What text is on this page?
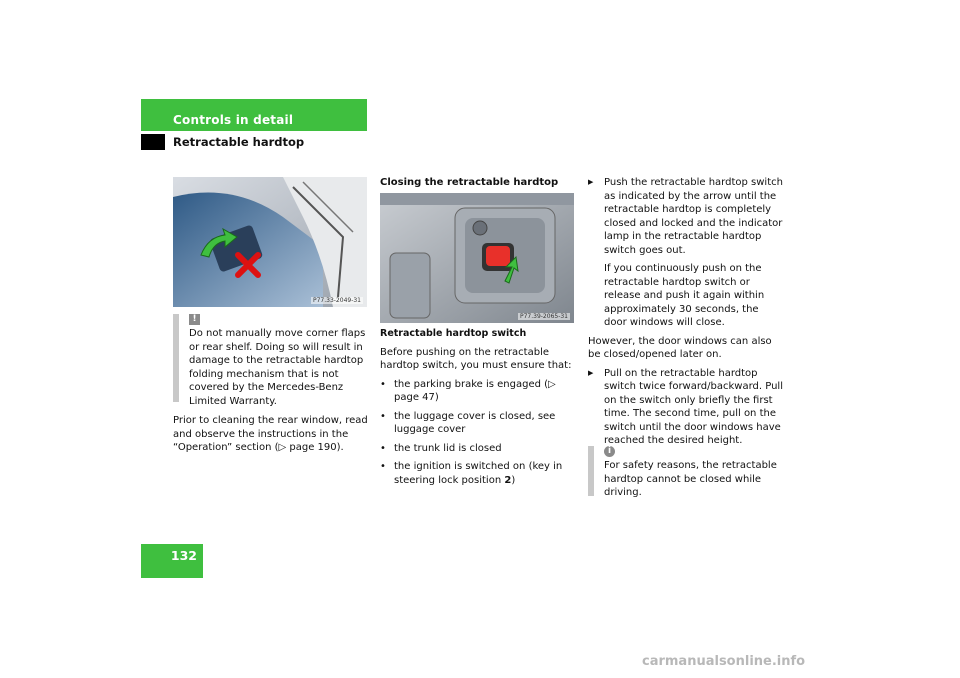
Controls in detail
Retractable hardtop
P77.33-2049-31
!
Do not manually move corner flaps or rear shelf. Doing so will result in damage to the retractable hardtop folding mechanism that is not covered by the Mercedes-Benz Limited Warranty.
Prior to cleaning the rear window, read and observe the instructions in the “Operation” section (▷ page 190).
Closing the retractable hardtop
P77.39-2065-31

Retractable hardtop switch

Before pushing on the retractable hardtop switch, you must ensure that:

• the parking brake is engaged (▷ page 47)
• the luggage cover is closed, see luggage cover
• the trunk lid is closed
• the ignition is switched on (key in steering lock position 2)
▶ Push the retractable hardtop switch as indicated by the arrow until the retractable hardtop is completely closed and locked and the indicator lamp in the retractable hardtop switch goes out.
If you continuously push on the retractable hardtop switch or release and push it again within approximately 30 seconds, the door windows will close.

However, the door windows can also be closed/opened later on.

▶ Pull on the retractable hardtop switch twice forward/backward. Pull on the switch only briefly the first time. The second time, pull on the switch until the door windows have reached the desired height.
i
For safety reasons, the retractable hardtop cannot be closed while driving.
132
carmanualsonline.info
